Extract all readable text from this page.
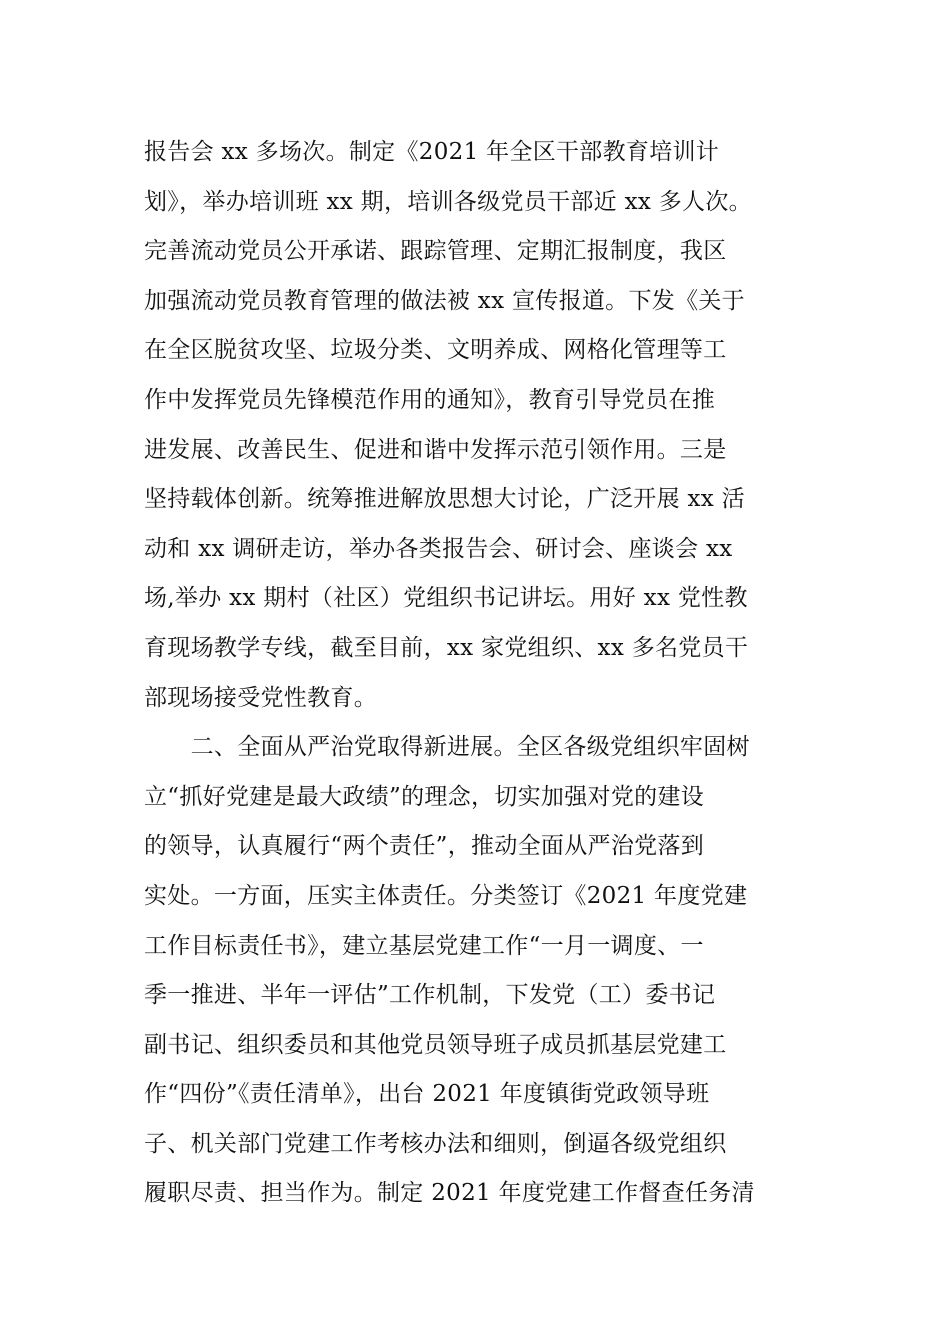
报告会 xx 多场次。制定《2021 年全区干部教育培训计
划》，举办培训班 xx 期，培训各级党员干部近 xx 多人次。
完善流动党员公开承诺、跟踪管理、定期汇报制度，我区
加强流动党员教育管理的做法被 xx 宣传报道。下发《关于
在全区脱贫攻坚、垃圾分类、文明养成、网格化管理等工
作中发挥党员先锋模范作用的通知》，教育引导党员在推
进发展、改善民生、促进和谐中发挥示范引领作用。三是
坚持载体创新。统筹推进解放思想大讨论，广泛开展 xx 活
动和 xx 调研走访，举办各类报告会、研讨会、座谈会 xx
场,举办 xx 期村（社区）党组织书记讲坛。用好 xx 党性教
育现场教学专线，截至目前，xx 家党组织、xx 多名党员干
部现场接受党性教育。
　　二、全面从严治党取得新进展。全区各级党组织牢固树
立“抓好党建是最大政绩”的理念，切实加强对党的建设
的领导，认真履行“两个责任”，推动全面从严治党落到
实处。一方面，压实主体责任。分类签订《2021 年度党建
工作目标责任书》，建立基层党建工作“一月一调度、一
季一推进、半年一评估”工作机制，下发党（工）委书记
副书记、组织委员和其他党员领导班子成员抓基层党建工
作“四份”《责任清单》，出台 2021 年度镇街党政领导班
子、机关部门党建工作考核办法和细则，倒逼各级党组织
履职尽责、担当作为。制定 2021 年度党建工作督查任务清
